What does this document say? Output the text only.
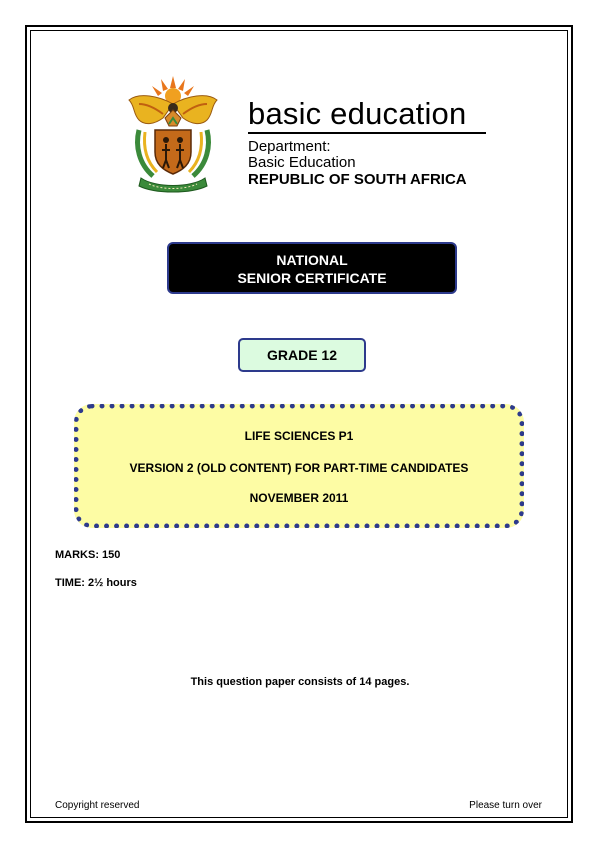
basic education
Department:
Basic Education
REPUBLIC OF SOUTH AFRICA
NATIONAL
SENIOR CERTIFICATE
GRADE 12
LIFE SCIENCES P1
VERSION 2 (OLD CONTENT) FOR PART-TIME CANDIDATES
NOVEMBER 2011
MARKS: 150
TIME: 2½ hours
This question paper consists of 14 pages.
Copyright reserved	Please turn over
